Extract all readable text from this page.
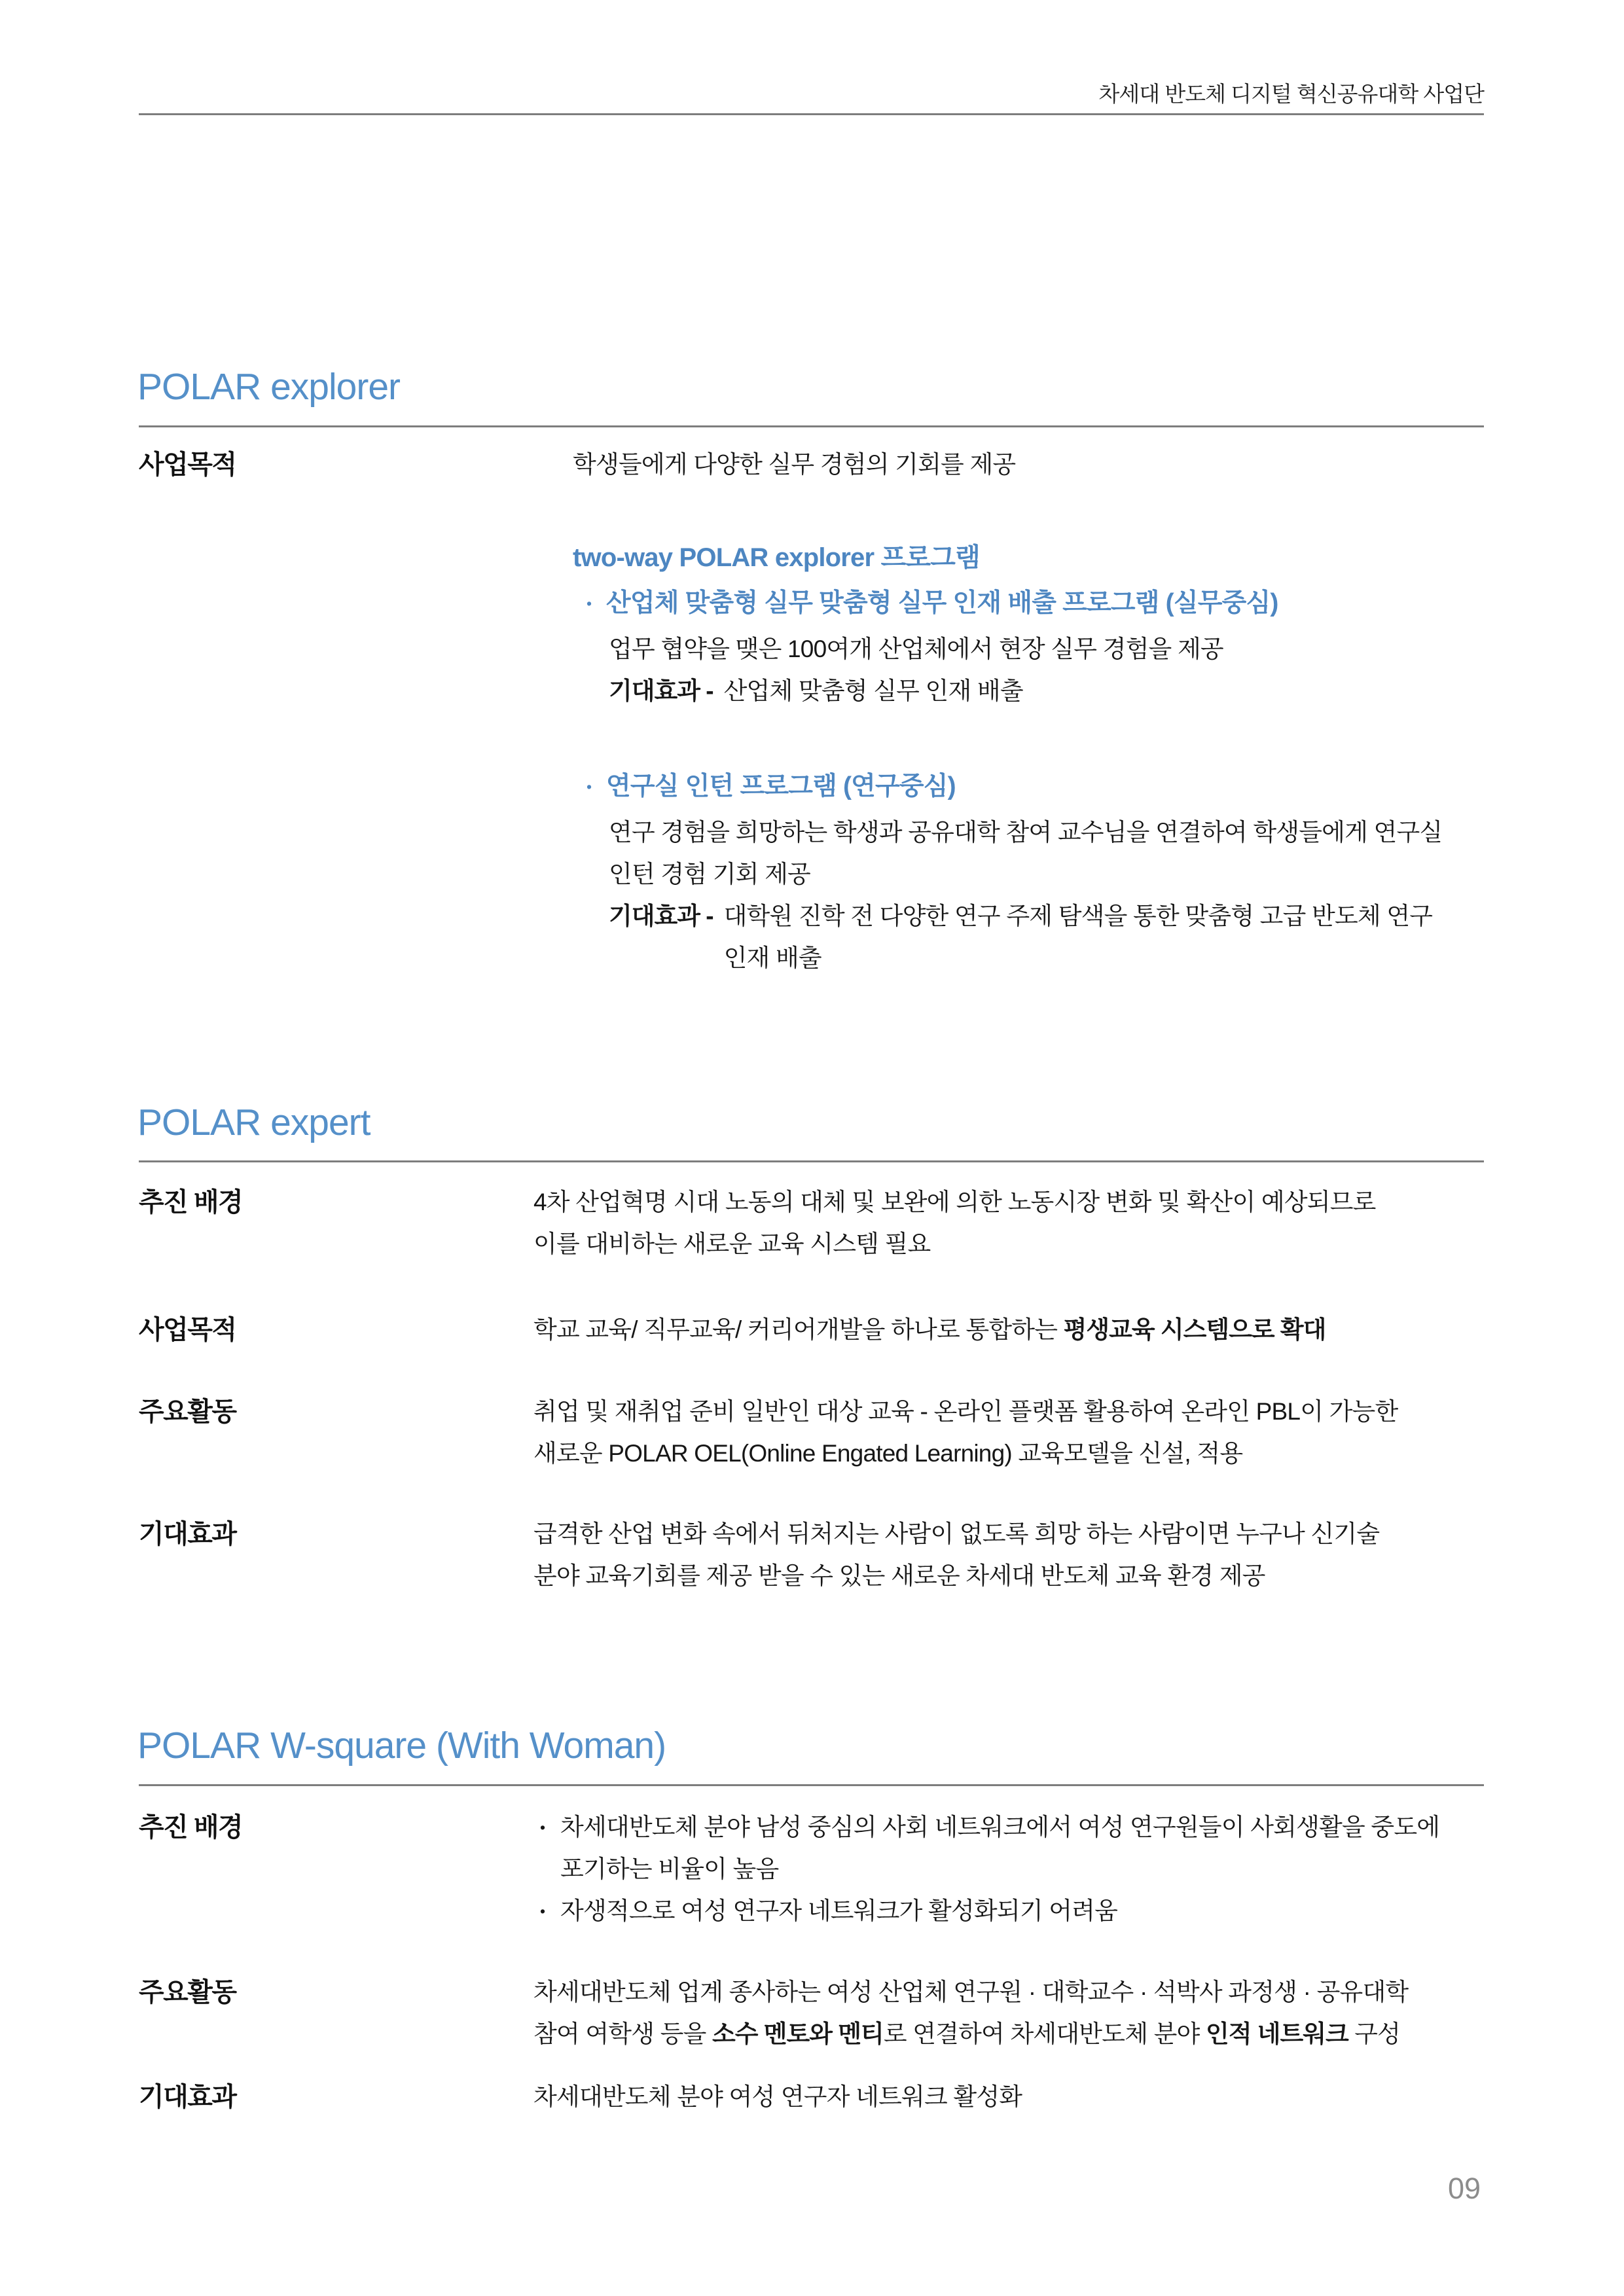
차세대 반도체 디지털 혁신공유대학 사업단
POLAR explorer
사업목적	학생들에게 다양한 실무 경험의 기회를 제공
two-way POLAR explorer 프로그램
• 산업체 맞춤형 실무 맞춤형 실무 인재 배출 프로그램 (실무중심)
업무 협약을 맺은 100여개 산업체에서 현장 실무 경험을 제공
기대효과 - 산업체 맞춤형 실무 인재 배출
• 연구실 인턴 프로그램 (연구중심)
연구 경험을 희망하는 학생과 공유대학 참여 교수님을 연결하여 학생들에게 연구실
인턴 경험 기회 제공
기대효과 - 대학원 진학 전 다양한 연구 주제 탐색을 통한 맞춤형 고급 반도체 연구
인재 배출
POLAR expert
추진 배경	4차 산업혁명 시대 노동의 대체 및 보완에 의한 노동시장 변화 및 확산이 예상되므로
이를 대비하는 새로운 교육 시스템 필요
사업목적	학교 교육/ 직무교육/ 커리어개발을 하나로 통합하는 평생교육 시스템으로 확대
주요활동	취업 및 재취업 준비 일반인 대상 교육 - 온라인 플랫폼 활용하여 온라인 PBL이 가능한
새로운 POLAR OEL(Online Engated Learning) 교육모델을 신설, 적용
기대효과	급격한 산업 변화 속에서 뒤처지는 사람이 없도록 희망 하는 사람이면 누구나 신기술
분야 교육기회를 제공 받을 수 있는 새로운 차세대 반도체 교육 환경 제공
POLAR W-square (With Woman)
추진 배경	• 차세대반도체 분야 남성 중심의 사회 네트워크에서 여성 연구원들이 사회생활을 중도에
포기하는 비율이 높음
• 자생적으로 여성 연구자 네트워크가 활성화되기 어려움
주요활동	차세대반도체 업계 종사하는 여성 산업체 연구원 · 대학교수 · 석박사 과정생 · 공유대학
참여 여학생 등을 소수 멘토와 멘티로 연결하여 차세대반도체 분야 인적 네트워크 구성
기대효과	차세대반도체 분야 여성 연구자 네트워크 활성화
09
